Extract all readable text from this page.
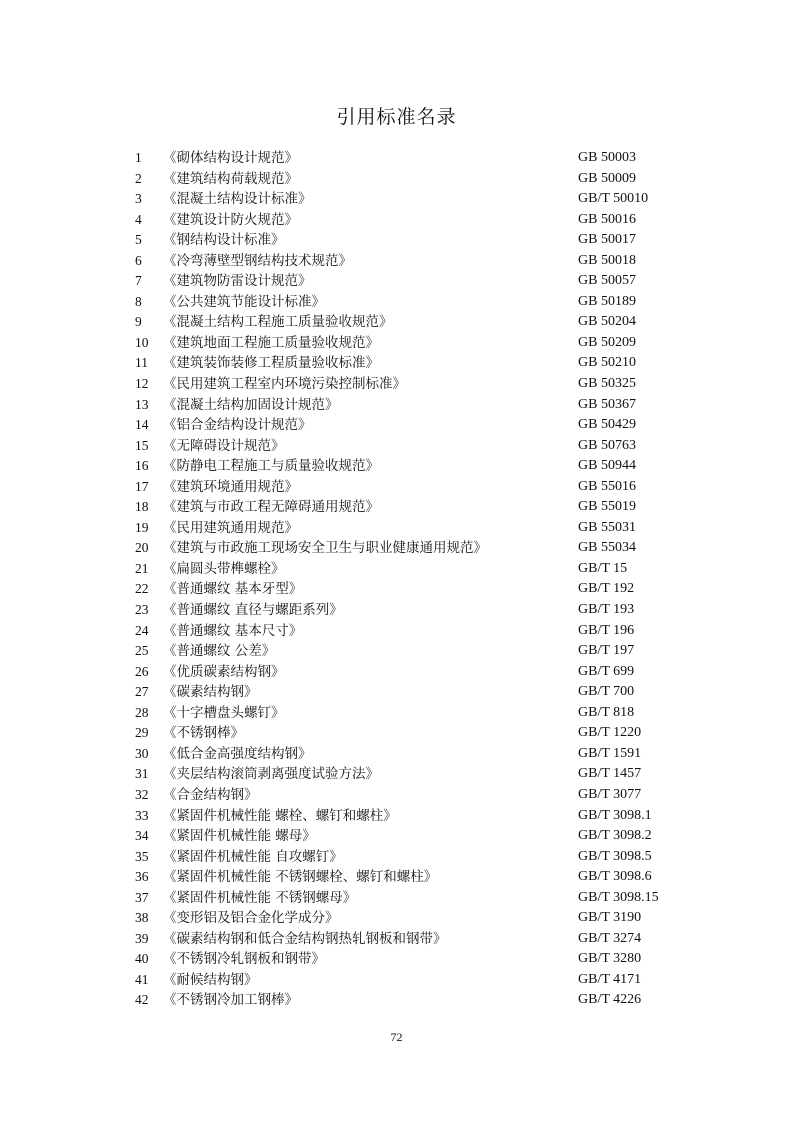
引用标准名录
1 《砌体结构设计规范》	GB 50003
2 《建筑结构荷载规范》	GB 50009
3 《混凝土结构设计标准》	GB/T 50010
4 《建筑设计防火规范》	GB 50016
5 《钢结构设计标准》	GB 50017
6 《冷弯薄壁型钢结构技术规范》	GB 50018
7 《建筑物防雷设计规范》	GB 50057
8 《公共建筑节能设计标准》	GB 50189
9 《混凝土结构工程施工质量验收规范》	GB 50204
10 《建筑地面工程施工质量验收规范》	GB 50209
11 《建筑装饰装修工程质量验收标准》	GB 50210
12 《民用建筑工程室内环境污染控制标准》	GB 50325
13 《混凝土结构加固设计规范》	GB 50367
14 《铝合金结构设计规范》	GB 50429
15 《无障碍设计规范》	GB 50763
16 《防静电工程施工与质量验收规范》	GB 50944
17 《建筑环境通用规范》	GB 55016
18 《建筑与市政工程无障碍通用规范》	GB 55019
19 《民用建筑通用规范》	GB 55031
20 《建筑与市政施工现场安全卫生与职业健康通用规范》	GB 55034
21 《扁圆头带榫螺栓》	GB/T 15
22 《普通螺纹 基本牙型》	GB/T 192
23 《普通螺纹 直径与螺距系列》	GB/T 193
24 《普通螺纹 基本尺寸》	GB/T 196
25 《普通螺纹 公差》	GB/T 197
26 《优质碳素结构钢》	GB/T 699
27 《碳素结构钢》	GB/T 700
28 《十字槽盘头螺钉》	GB/T 818
29 《不锈钢棒》	GB/T 1220
30 《低合金高强度结构钢》	GB/T 1591
31 《夹层结构滚筒剥离强度试验方法》	GB/T 1457
32 《合金结构钢》	GB/T 3077
33 《紧固件机械性能 螺栓、螺钉和螺柱》	GB/T 3098.1
34 《紧固件机械性能 螺母》	GB/T 3098.2
35 《紧固件机械性能 自攻螺钉》	GB/T 3098.5
36 《紧固件机械性能 不锈钢螺栓、螺钉和螺柱》	GB/T 3098.6
37 《紧固件机械性能 不锈钢螺母》	GB/T 3098.15
38 《变形铝及铝合金化学成分》	GB/T 3190
39 《碳素结构钢和低合金结构钢热轧钢板和钢带》	GB/T 3274
40 《不锈钢冷轧钢板和钢带》	GB/T 3280
41 《耐候结构钢》	GB/T 4171
42 《不锈钢冷加工钢棒》	GB/T 4226
72
